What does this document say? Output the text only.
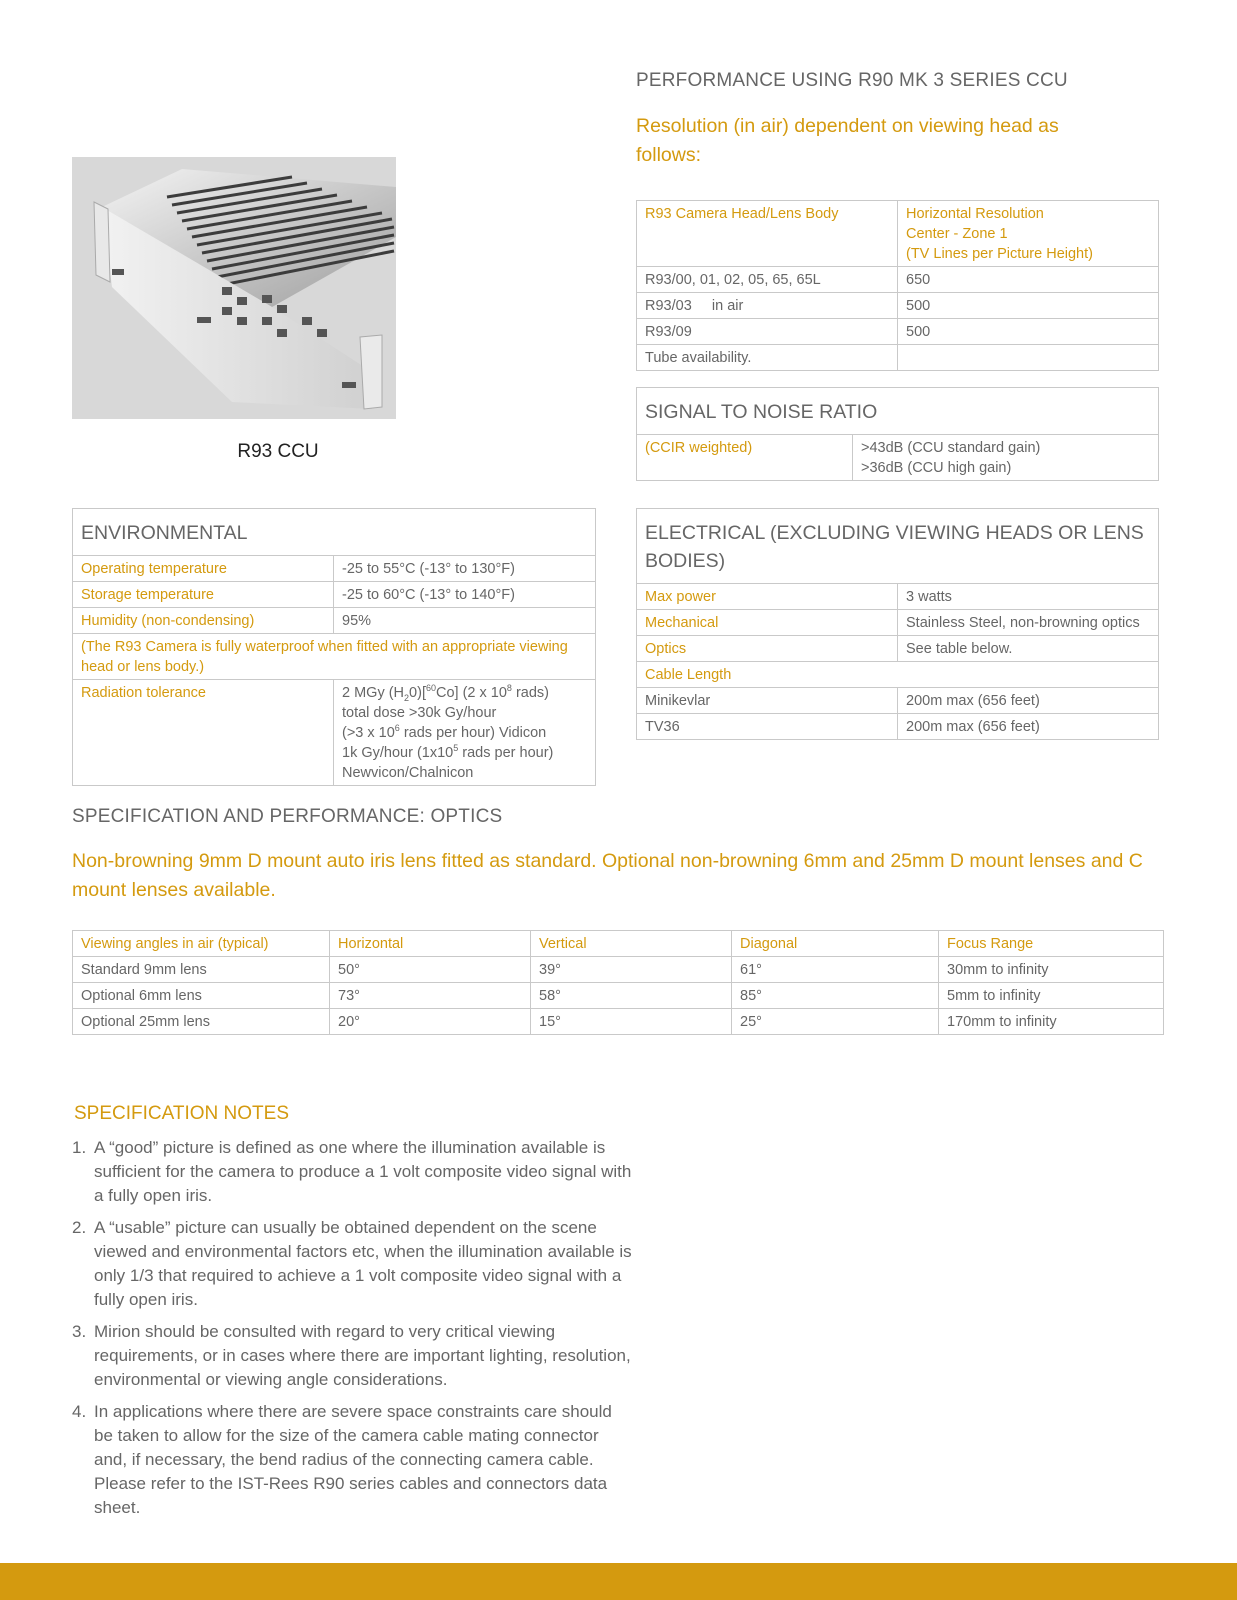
PERFORMANCE USING R90 MK 3 SERIES CCU
Resolution (in air) dependent on viewing head as follows:
R93 Camera Head/Lens Body	Horizontal Resolution
Center - Zone 1
(TV Lines per Picture Height)

R93/00, 01, 02, 05, 65, 65L	650
R93/03     in air	500
R93/09	500
Tube availability.	
SIGNAL TO NOISE RATIO
(CCIR weighted)	>43dB (CCU standard gain)
>36dB (CCU high gain)
R93 CCU
ENVIRONMENTAL	
Operating temperature	-25 to 55°C (-13° to 130°F)
Storage temperature	-25 to 60°C (-13° to 140°F)
Humidity (non-condensing)	95%
(The R93 Camera is fully waterproof when fitted with an appropriate viewing head or lens body.)	
Radiation tolerance	2 MGy $(H_20)[^{60}Co]$ (2 x $10^8$ rads)
total dose >30k Gy/hour
(>3 x $10^6$ rads per hour) Vidicon
1k Gy/hour ($1x10^5$ rads per hour)
Newvicon/Chalnicon
ELECTRICAL (EXCLUDING VIEWING HEADS OR LENS BODIES)	
Max power	3 watts
Mechanical	Stainless Steel, non-browning optics
Optics	See table below.
Cable Length	
Minikevlar	200m max (656 feet)
TV36	200m max (656 feet)
SPECIFICATION AND PERFORMANCE: OPTICS
Non-browning 9mm D mount auto iris lens fitted as standard. Optional non-browning 6mm and 25mm D mount lenses and C mount lenses available.
Viewing angles in air (typical)	Horizontal	Vertical	Diagonal	Focus Range
Standard 9mm lens	50°	39°	61°	30mm to infinity
Optional 6mm lens	73°	58°	85°	5mm to infinity
Optional 25mm lens	20°	15°	25°	170mm to infinity
SPECIFICATION NOTES
1. A “good” picture is defined as one where the illumination available is sufficient for the camera to produce a 1 volt composite video signal with a fully open iris.
2. A “usable” picture can usually be obtained dependent on the scene viewed and environmental factors etc, when the illumination available is only 1/3 that required to achieve a 1 volt composite video signal with a fully open iris.
3. Mirion should be consulted with regard to very critical viewing requirements, or in cases where there are important lighting, resolution, environmental or viewing angle considerations.
4. In applications where there are severe space constraints care should be taken to allow for the size of the camera cable mating connector and, if necessary, the bend radius of the connecting camera cable. Please refer to the IST-Rees R90 series cables and connectors data sheet.
